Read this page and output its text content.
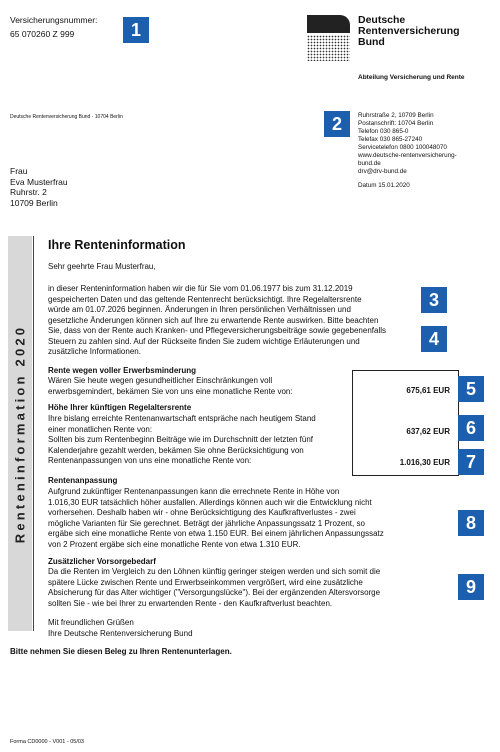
Versicherungsnummer:
65 070260 Z 999	1	Deutsche
Rentenversicherung
Bund
Abteilung Versicherung und Rente
Deutsche Rentenversicherung Bund · 10704 Berlin	2	Ruhrstraße 2, 10709 Berlin
Postanschrift: 10704 Berlin
Telefon 030 865-0
Telefax 030 865-27240
Servicetelefon 0800 100048070
www.deutsche-rentenversicherung-
bund.de
drv@drv-bund.de
Datum 15.01.2020
Frau
Eva Musterfrau
Ruhrstr. 2
10709 Berlin
Renteninformation 2020
Ihre Renteninformation
Sehr geehrte Frau Musterfrau,
in dieser Renteninformation haben wir die für Sie vom 01.06.1977 bis zum 31.12.2019
gespeicherten Daten und das geltende Rentenrecht berücksichtigt. Ihre Regelaltersrente
würde am 01.07.2026 beginnen. Änderungen in Ihren persönlichen Verhältnissen und
gesetzliche Änderungen können sich auf Ihre zu erwartende Rente auswirken. Bitte beachten
Sie, dass von der Rente auch Kranken- und Pflegeversicherungsbeiträge sowie gegebenenfalls
Steuern zu zahlen sind. Auf der Rückseite finden Sie zudem wichtige Erläuterungen und
zusätzliche Informationen.
3
4
675,61 EUR
637,62 EUR
1.016,30 EUR
5
6
7
Rente wegen voller Erwerbsminderung
Wären Sie heute wegen gesundheitlicher Einschränkungen voll
erwerbsgemindert, bekämen Sie von uns eine monatliche Rente von:
Höhe Ihrer künftigen Regelaltersrente
Ihre bislang erreichte Rentenanwartschaft entspräche nach heutigem Stand
einer monatlichen Rente von:
Sollten bis zum Rentenbeginn Beiträge wie im Durchschnitt der letzten fünf
Kalenderjahre gezahlt werden, bekämen Sie ohne Berücksichtigung von
Rentenanpassungen von uns eine monatliche Rente von:
Rentenanpassung
Aufgrund zukünftiger Rentenanpassungen kann die errechnete Rente in Höhe von
1.016,30 EUR tatsächlich höher ausfallen. Allerdings können auch wir die Entwicklung nicht
vorhersehen. Deshalb haben wir - ohne Berücksichtigung des Kaufkraftverlustes - zwei
mögliche Varianten für Sie gerechnet. Beträgt der jährliche Anpassungssatz 1 Prozent, so
ergäbe sich eine monatliche Rente von etwa 1.150 EUR. Bei einem jährlichen Anpassungssatz
von 2 Prozent ergäbe sich eine monatliche Rente von etwa 1.310 EUR.
8
Zusätzlicher Vorsorgebedarf
Da die Renten im Vergleich zu den Löhnen künftig geringer steigen werden und sich somit die
spätere Lücke zwischen Rente und Erwerbseinkommen vergrößert, wird eine zusätzliche
Absicherung für das Alter wichtiger ("Versorgungslücke"). Bei der ergänzenden Altersvorsorge
sollten Sie - wie bei Ihrer zu erwartenden Rente - den Kaufkraftverlust beachten.
9
Mit freundlichen Grüßen
Ihre Deutsche Rentenversicherung Bund
Bitte nehmen Sie diesen Beleg zu Ihren Rentenunterlagen.
Forma CD0000 - V001 - 05/03
